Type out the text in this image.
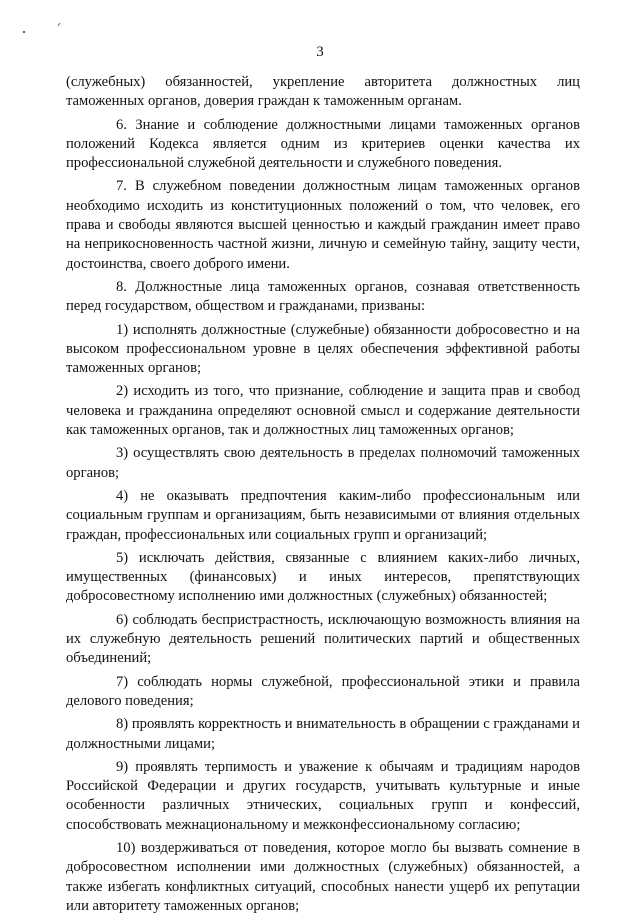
3

(служебных) обязанностей, укрепление авторитета должностных лиц таможенных органов, доверия граждан к таможенным органам.

6. Знание и соблюдение должностными лицами таможенных органов положений Кодекса является одним из критериев оценки качества их профессиональной служебной деятельности и служебного поведения.

7. В служебном поведении должностным лицам таможенных органов необходимо исходить из конституционных положений о том, что человек, его права и свободы являются высшей ценностью и каждый гражданин имеет право на неприкосновенность частной жизни, личную и семейную тайну, защиту чести, достоинства, своего доброго имени.

8. Должностные лица таможенных органов, сознавая ответственность перед государством, обществом и гражданами, призваны:

1) исполнять должностные (служебные) обязанности добросовестно и на высоком профессиональном уровне в целях обеспечения эффективной работы таможенных органов;

2) исходить из того, что признание, соблюдение и защита прав и свобод человека и гражданина определяют основной смысл и содержание деятельности как таможенных органов, так и должностных лиц таможенных органов;

3) осуществлять свою деятельность в пределах полномочий таможенных органов;

4) не оказывать предпочтения каким-либо профессиональным или социальным группам и организациям, быть независимыми от влияния отдельных граждан, профессиональных или социальных групп и организаций;

5) исключать действия, связанные с влиянием каких-либо личных, имущественных (финансовых) и иных интересов, препятствующих добросовестному исполнению ими должностных (служебных) обязанностей;

6) соблюдать беспристрастность, исключающую возможность влияния на их служебную деятельность решений политических партий и общественных объединений;

7) соблюдать нормы служебной, профессиональной этики и правила делового поведения;

8) проявлять корректность и внимательность в обращении с гражданами и должностными лицами;

9) проявлять терпимость и уважение к обычаям и традициям народов Российской Федерации и других государств, учитывать культурные и иные особенности различных этнических, социальных групп и конфессий, способствовать межнациональному и межконфессиональному согласию;

10) воздерживаться от поведения, которое могло бы вызвать сомнение в добросовестном исполнении ими должностных (служебных) обязанностей, а также избегать конфликтных ситуаций, способных нанести ущерб их репутации или авторитету таможенных органов;
